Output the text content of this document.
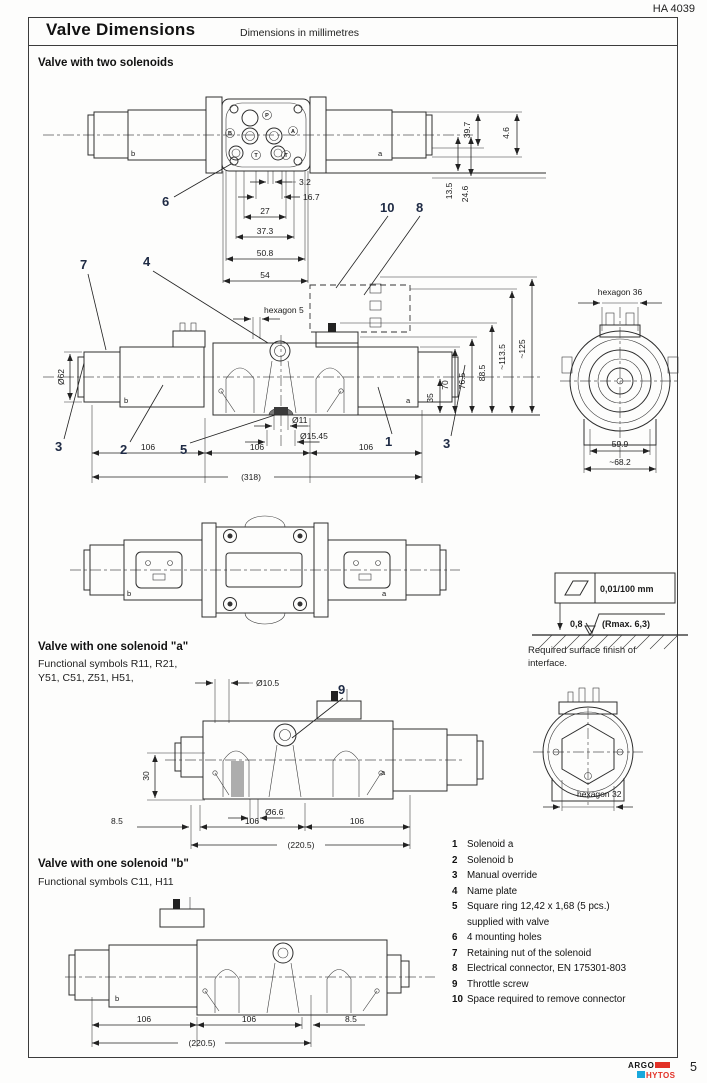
HA 4039
Valve Dimensions	Dimensions in millimetres
Valve with two solenoids
b	a
P
B	A
T	T
3.2
16.7
27
37.3
50.8
54
39.7	4.6
13.5 24.6
6	10 8
b	a
hexagon 5
Ø62
35
70 76.5 88.5
~113.5 ~125
Ø11
Ø15.45
106	106	106
(318)
7	4
3	2	5
1	3
hexagon 36
59.9
~68.2
b	a	0,01/100 mm
0,8 (Rmax. 6,3)
Required surface finish of
interface.
Valve with one solenoid "a"
Functional symbols R11, R21,
Y51, C51, Z51, H51,	Ø10.5	9
a
30
Ø6.6
8.5	106	106
(220.5)
hexagon 32
1 Solenoid a
2 Solenoid b
3 Manual override
4 Name plate
5 Square ring 12,42 x 1,68 (5 pcs.)
supplied with valve
6 4 mounting holes
7 Retaining nut of the solenoid
8 Electrical connector, EN 175301-803
9 Throttle screw
10 Space required to remove connector
Valve with one solenoid "b"
Functional symbols C11, H11
b
106	106	8.5
(220.5)
ARGO
HYTOS
5
